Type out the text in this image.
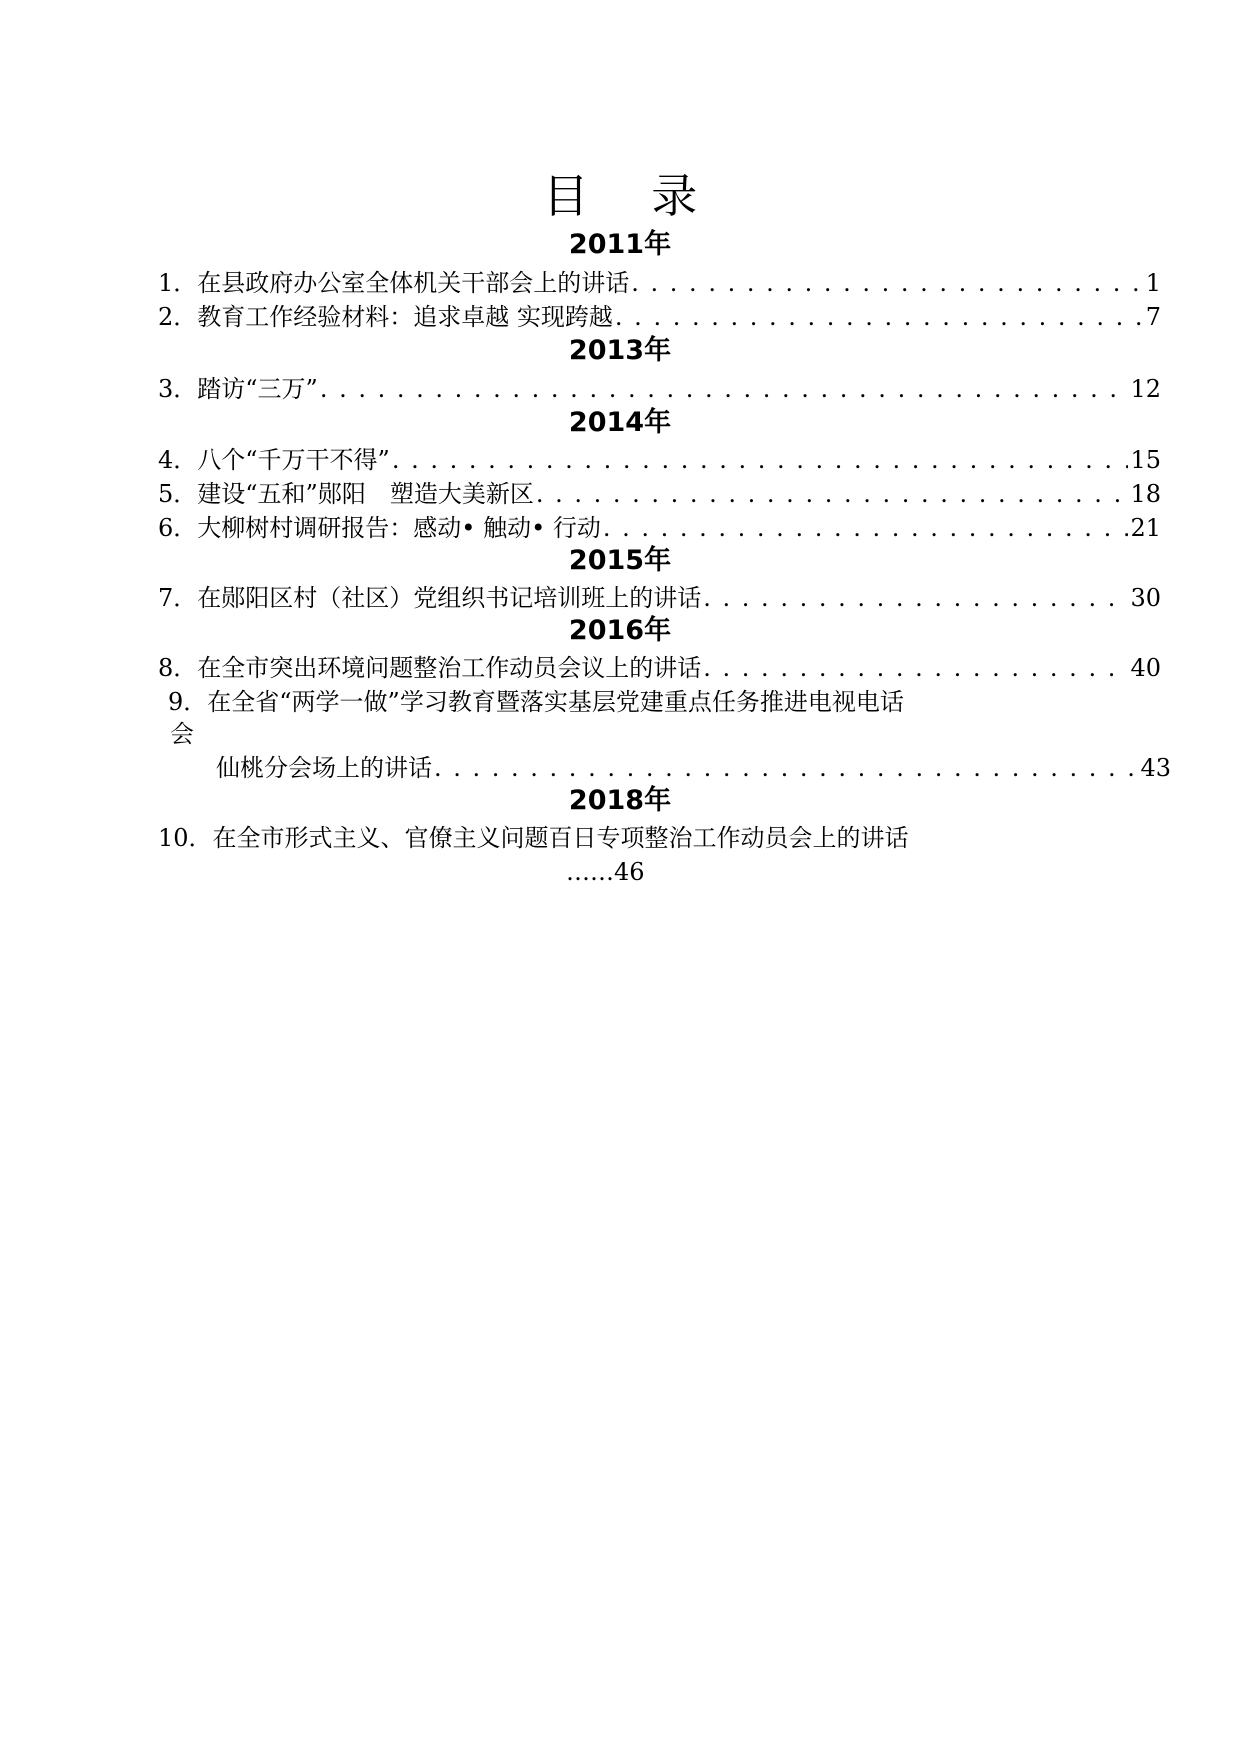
目 录
2011年
1． 在县政府办公室全体机关干部会上的讲话 . . .	1
2． 教育工作经验材料：追求卓越 实现跨越 . . .	7
2013年
3． 踏访“三万” . . .	12
2014年
4． 八个“千万干不得” . . .	15
5． 建设“五和”郧阳　塑造大美新区 . . .	18
6． 大柳树村调研报告：感动• 触动• 行动 . . .	21
2015年
7． 在郧阳区村（社区）党组织书记培训班上的讲话 . . .	30
2016年
8． 在全市突出环境问题整治工作动员会议上的讲话 . . .	40
9．在全省“两学一做”学习教育暨落实基层党建重点任务推进电视电话
会
仙桃分会场上的讲话 . . .	43
2018年
10．在全市形式主义、官僚主义问题百日专项整治工作动员会上的讲话
……46
